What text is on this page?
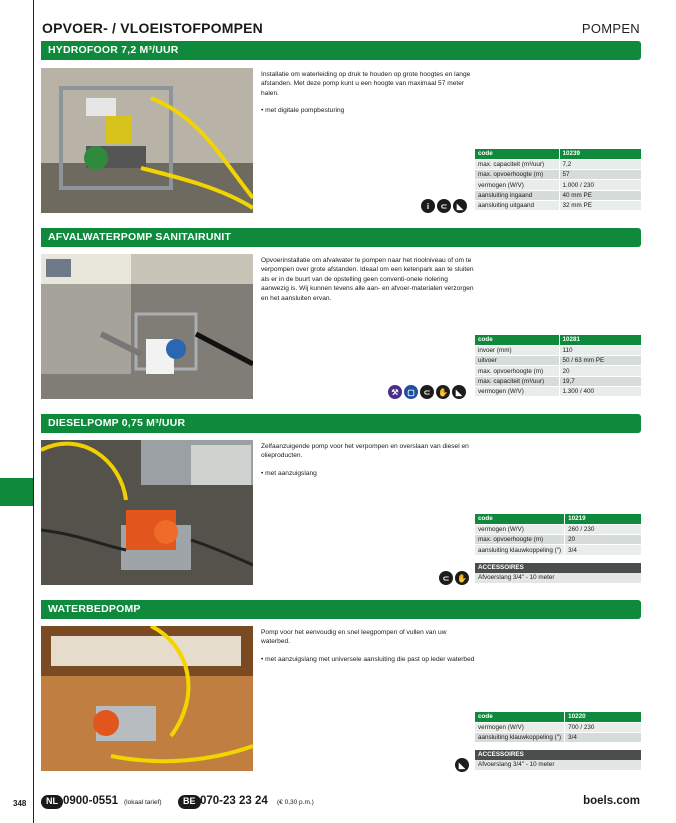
OPVOER- / VLOEISTOFPOMPEN	POMPEN
HYDROFOOR 7,2 M³/UUR

Installatie om waterleiding op druk te houden op grote hoogtes en lange afstanden. Met deze pomp kunt u een hoogte van maximaal 57 meter halen.

• met digitale pompbesturing

code	10239
max. capaciteit (m³/uur)	7,2
max. opvoerhoogte (m)	57
vermogen (W/V)	1.000 / 230
aansluiting ingaand	40 mm PE
aansluiting uitgaand	32 mm PE
i	⊂	◣
AFVALWATERPOMP SANITAIRUNIT

Opvoerinstallatie om afvalwater te pompen naar het rioolniveau of om te verpompen over grote afstanden. Ideaal om een ketenpark aan te sluiten als er in de buurt van de opstelling geen conventi-onele riolering aanwezig is. Wij kunnen tevens alle aan- en afvoer-materialen verzorgen en het aansluiten ervan.

code	10281
invoer (mm)	110
uitvoer	50 / 63 mm PE
max. opvoerhoogte (m)	20
max. capaciteit (m³/uur)	19,7
vermogen (W/V)	1.300 / 400
⚒	▢	⊂ ✋ ◣
DIESELPOMP 0,75 M³/UUR

Zelfaanzuigende pomp voor het verpompen en overslaan van diesel en olieproducten.

• met aanzuigslang

code	10219
vermogen (W/V)	260 / 230
max. opvoerhoogte (m)	20
aansluiting klauwkoppeling (")	3/4
ACCESSOIRES
Afvoerslang 3/4" - 10 meter
⊂ ✋
WATERBEDPOMP

Pomp voor het eenvoudig en snel leegpompen of vullen van uw waterbed.

• met aanzuigslang met universele aansluiting die past op leder waterbed

code	10220
vermogen (W/V)	700 / 230
aansluiting klauwkoppeling (")	3/4
ACCESSOIRES
Afvoerslang 3/4" - 10 meter
◣
348	NL 0900-0551 (lokaal tarief)	BE 070-23 23 24 (€ 0,30 p.m.)	boels.com
